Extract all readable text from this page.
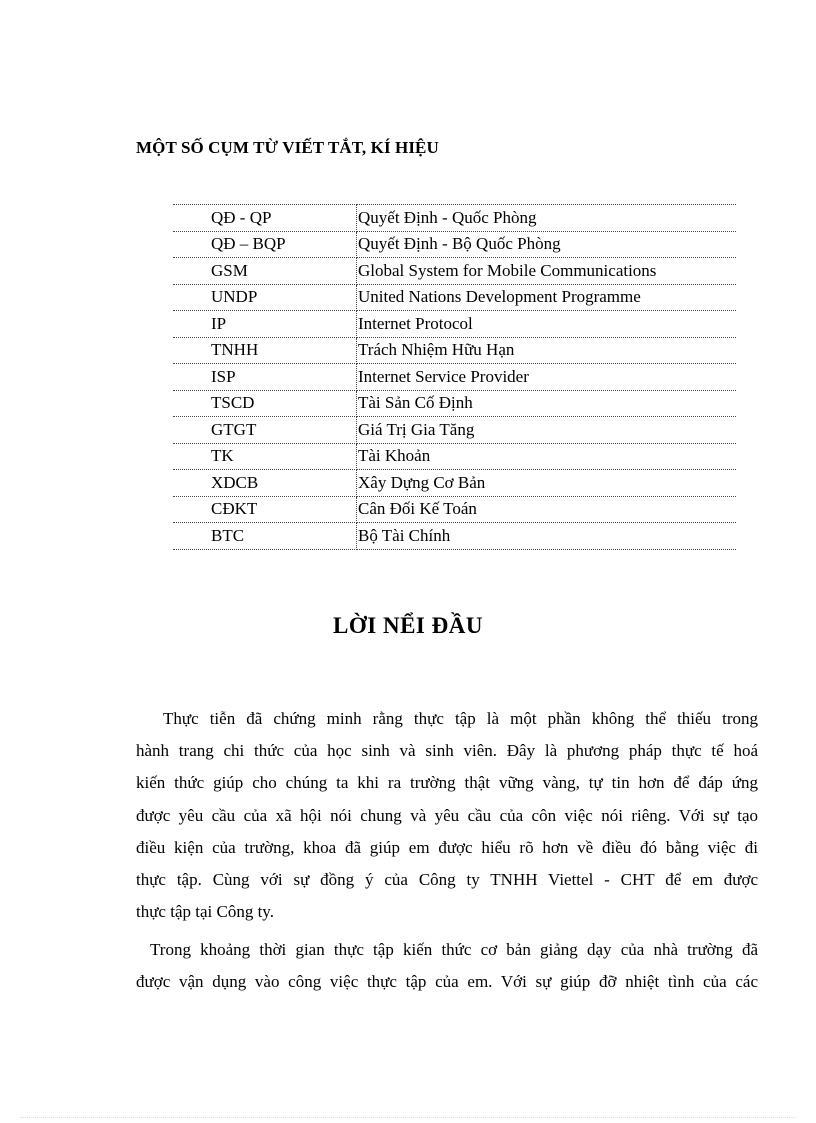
MỘT SỐ CỤM TỪ VIẾT TẮT, KÍ HIỆU
QĐ - QP	Quyết Định - Quốc Phòng
QĐ – BQP	Quyết Định - Bộ Quốc Phòng
GSM	Global System for Mobile Communications
UNDP	United Nations Development Programme
IP	Internet Protocol
TNHH	Trách Nhiệm Hữu Hạn
ISP	Internet Service Provider
TSCD	Tài Sản Cố Định
GTGT	Giá Trị Gia Tăng
TK	Tài Khoản
XDCB	Xây Dựng Cơ Bản
CĐKT	Cân Đối Kế Toán
BTC	Bộ Tài Chính
LỜI NỂI ĐẦU
Thực tiễn đã chứng minh rằng thực tập là một phần không thể thiếu trong
hành trang chi thức của học sinh và sinh viên. Đây là phương pháp thực tế hoá
kiến thức giúp cho chúng ta khi ra trường thật vững vàng, tự tin hơn để đáp ứng
được yêu cầu của xã hội nói chung và yêu cầu của côn việc nói riêng. Với sự tạo
điều kiện của trường, khoa đã giúp em được hiểu rõ hơn về điều đó bằng việc đi
thực tập. Cùng với sự đồng ý của Công ty TNHH Viettel - CHT để em được
thực tập tại Công ty.
Trong khoảng thời gian thực tập kiến thức cơ bản giảng dạy của nhà trường đã
được vận dụng vào công việc thực tập của em. Với sự giúp đỡ nhiệt tình của các
